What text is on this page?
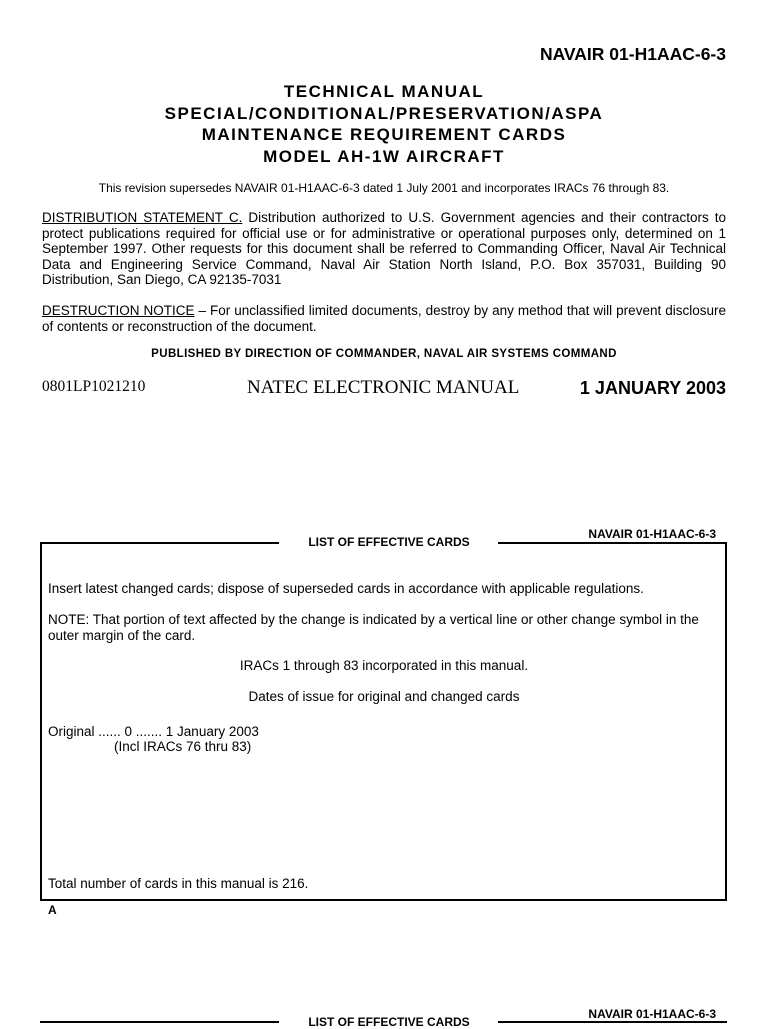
NAVAIR 01-H1AAC-6-3
TECHNICAL MANUAL
SPECIAL/CONDITIONAL/PRESERVATION/ASPA
MAINTENANCE REQUIREMENT CARDS
MODEL AH-1W AIRCRAFT
This revision supersedes NAVAIR 01-H1AAC-6-3 dated 1 July 2001 and incorporates IRACs 76 through 83.
DISTRIBUTION STATEMENT C. Distribution authorized to U.S. Government agencies and their contractors to protect publications required for official use or for administrative or operational purposes only, determined on 1 September 1997. Other requests for this document shall be referred to Commanding Officer, Naval Air Technical Data and Engineering Service Command, Naval Air Station North Island, P.O. Box 357031, Building 90 Distribution, San Diego, CA 92135-7031
DESTRUCTION NOTICE – For unclassified limited documents, destroy by any method that will prevent disclosure of contents or reconstruction of the document.
PUBLISHED BY DIRECTION OF COMMANDER, NAVAL AIR SYSTEMS COMMAND
0801LP1021210	NATEC ELECTRONIC MANUAL	1 JANUARY 2003
NAVAIR 01-H1AAC-6-3
LIST OF EFFECTIVE CARDS
Insert latest changed cards; dispose of superseded cards in accordance with applicable regulations.
NOTE: That portion of text affected by the change is indicated by a vertical line or other change symbol in the outer margin of the card.
IRACs 1 through 83 incorporated in this manual.
Dates of issue for original and changed cards
Original ...... 0 ....... 1 January 2003
(Incl IRACs 76 thru 83)
Total number of cards in this manual is 216.
A
NAVAIR 01-H1AAC-6-3
LIST OF EFFECTIVE CARDS
